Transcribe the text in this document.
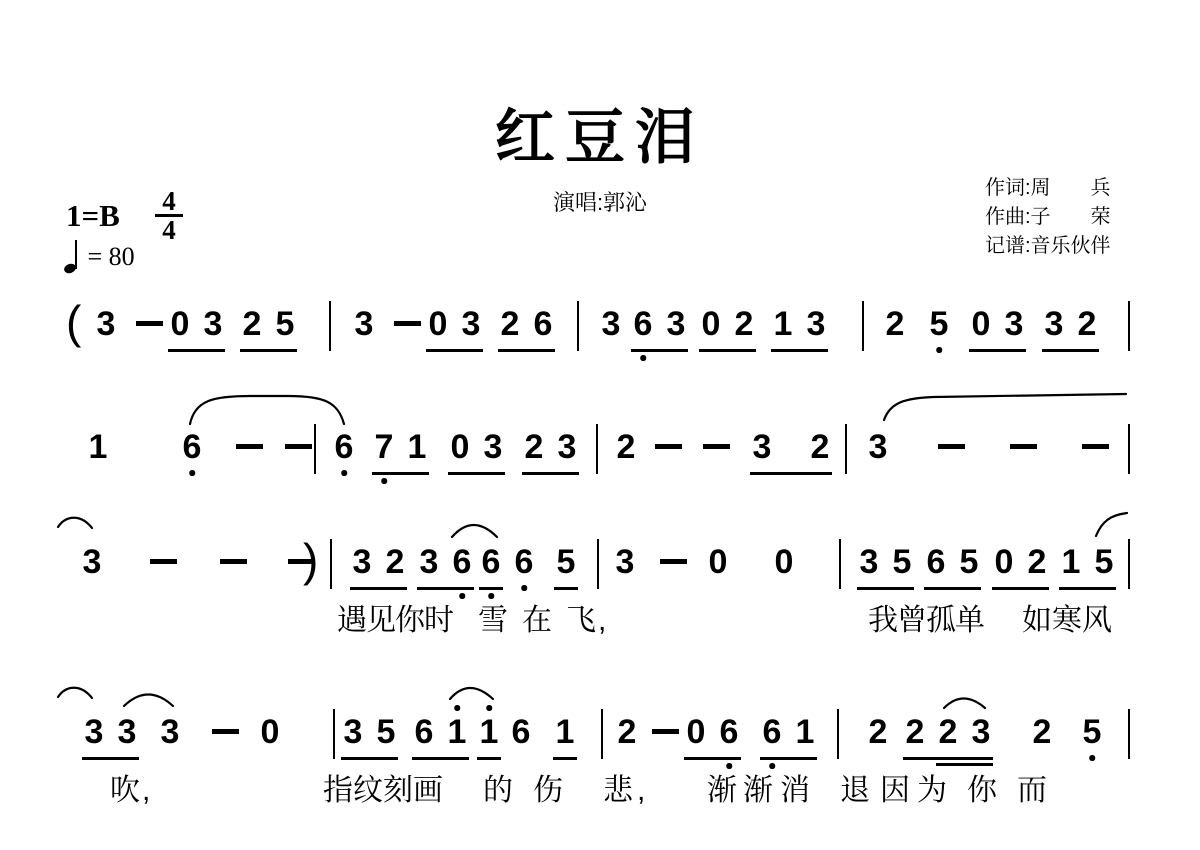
红豆泪
演唱:郭沁
作词:周　　兵
作曲:子　　荣
记谱:音乐伙伴
$1=B \frac{4}{4}$
= 80
( 3 0 3 2 5 3 0 3 2 6 3 6 3 0 2 1 3 2 5 0 3 3 2
1 6	6 7 1 0 3 2 3 2	3 2 3
3	) 3 2 3 6 6 6 5 3 0 0 3 5 6 5 0 2 1 5
3 3 3 0 3 5 6 1 1 6 1 2 0 6 6 1 2 2 2 3 2 5
遇 见 你 时 雪 在 飞 ,	我 曾 孤 单 如 寒 风
吹 ,	指 纹 刻 画 的 伤 悲 , 渐 渐 消 退 因 为 你 而
